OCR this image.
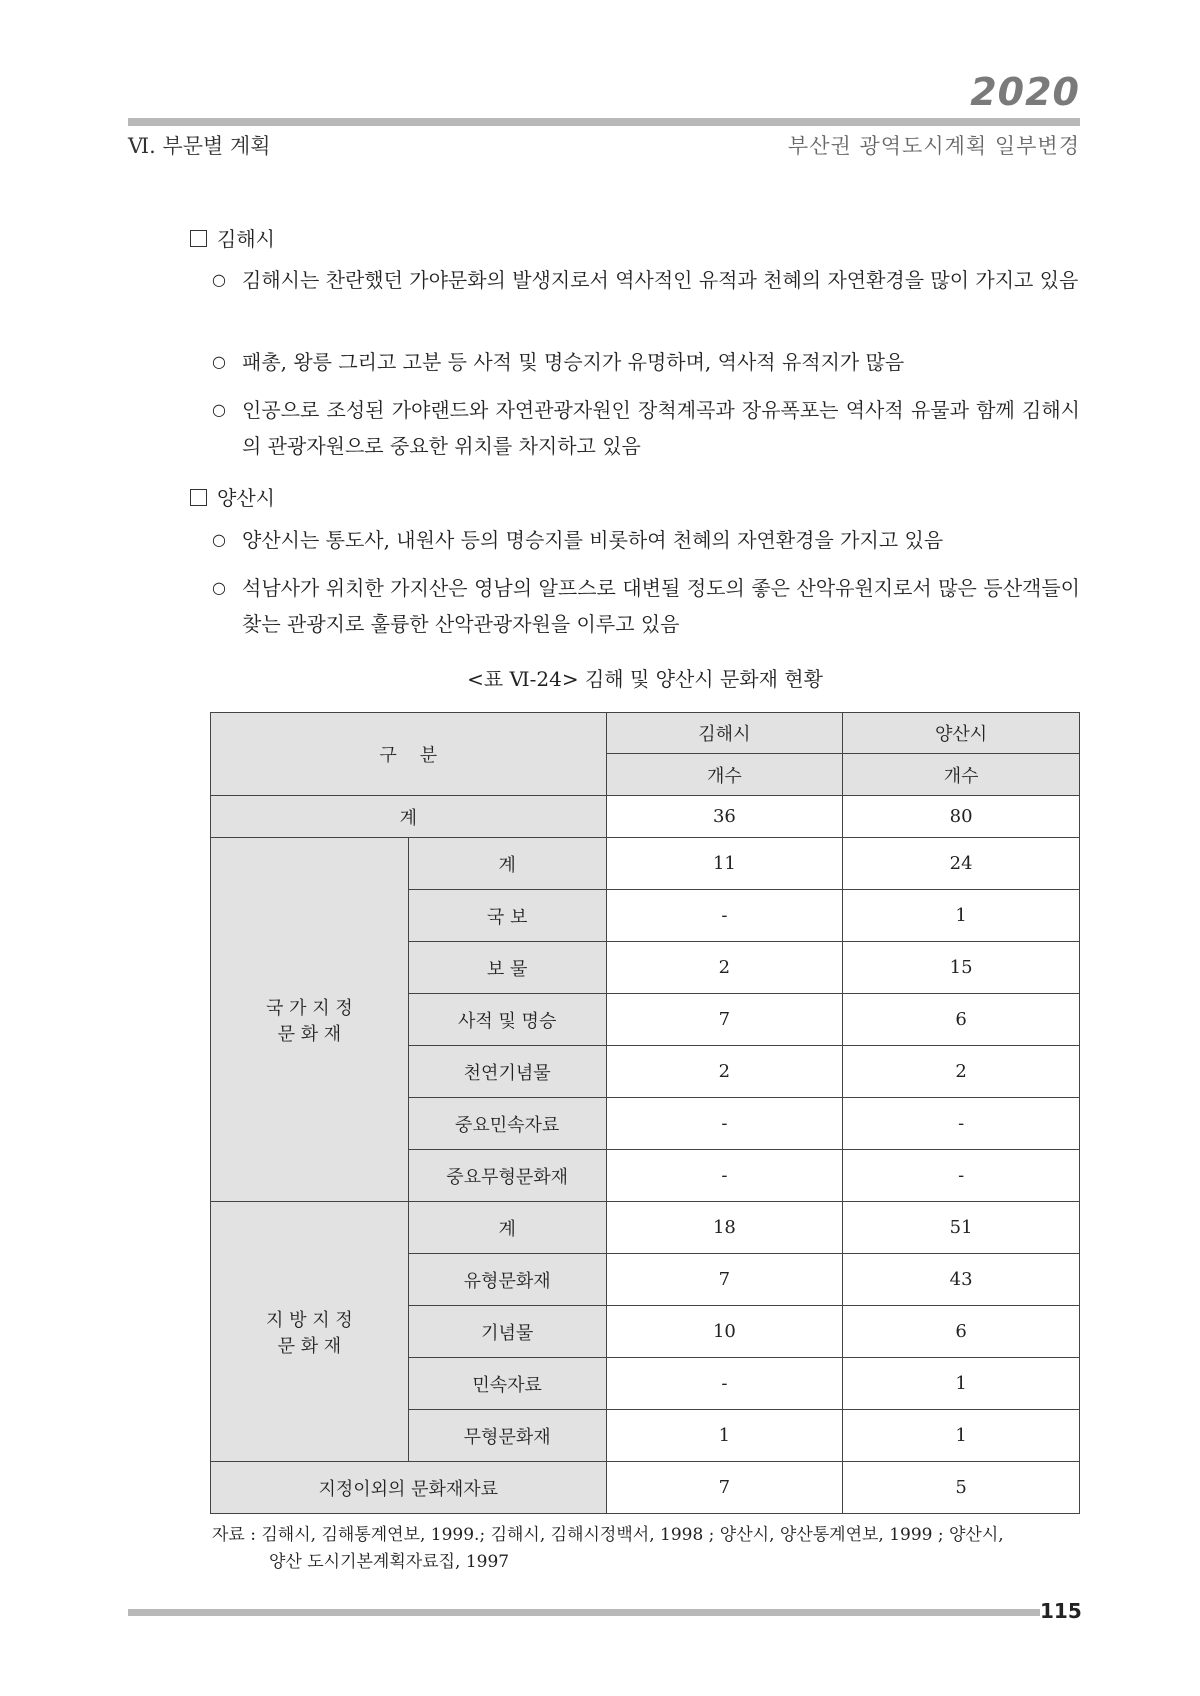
2020
Ⅵ. 부문별 계획	부산권 광역도시계획 일부변경
김해시
○ 김해시는 찬란했던 가야문화의 발생지로서 역사적인 유적과 천혜의 자연환경을 많이 가지고 있음
○ 패총, 왕릉 그리고 고분 등 사적 및 명승지가 유명하며, 역사적 유적지가 많음
○ 인공으로 조성된 가야랜드와 자연관광자원인 장척계곡과 장유폭포는 역사적 유물과 함께 김해시의 관광자원으로 중요한 위치를 차지하고 있음
양산시
○ 양산시는 통도사, 내원사 등의 명승지를 비롯하여 천혜의 자연환경을 가지고 있음
○ 석남사가 위치한 가지산은 영남의 알프스로 대변될 정도의 좋은 산악유원지로서 많은 등산객들이 찾는 관광지로 훌륭한 산악관광자원을 이루고 있음
<표 Ⅵ-24> 김해 및 양산시 문화재 현황
구    분		김해시	양산시
		개수	개수
계		36	80

국 가 지 정
문 화 재	계	11	24
	국 보	-	1
	보 물	2	15
	사적 및 명승	7	6
	천연기념물	2	2
	중요민속자료	-	-
	중요무형문화재	-	-

지 방 지 정
문 화 재	계	18	51
	유형문화재	7	43
	기념물	10	6
	민속자료	-	1
	무형문화재	1	1
지정이외의 문화재자료		7	5
자료 : 김해시, 김해통계연보, 1999.; 김해시, 김해시정백서, 1998 ; 양산시, 양산통계연보, 1999 ; 양산시,
양산 도시기본계획자료집, 1997
115
